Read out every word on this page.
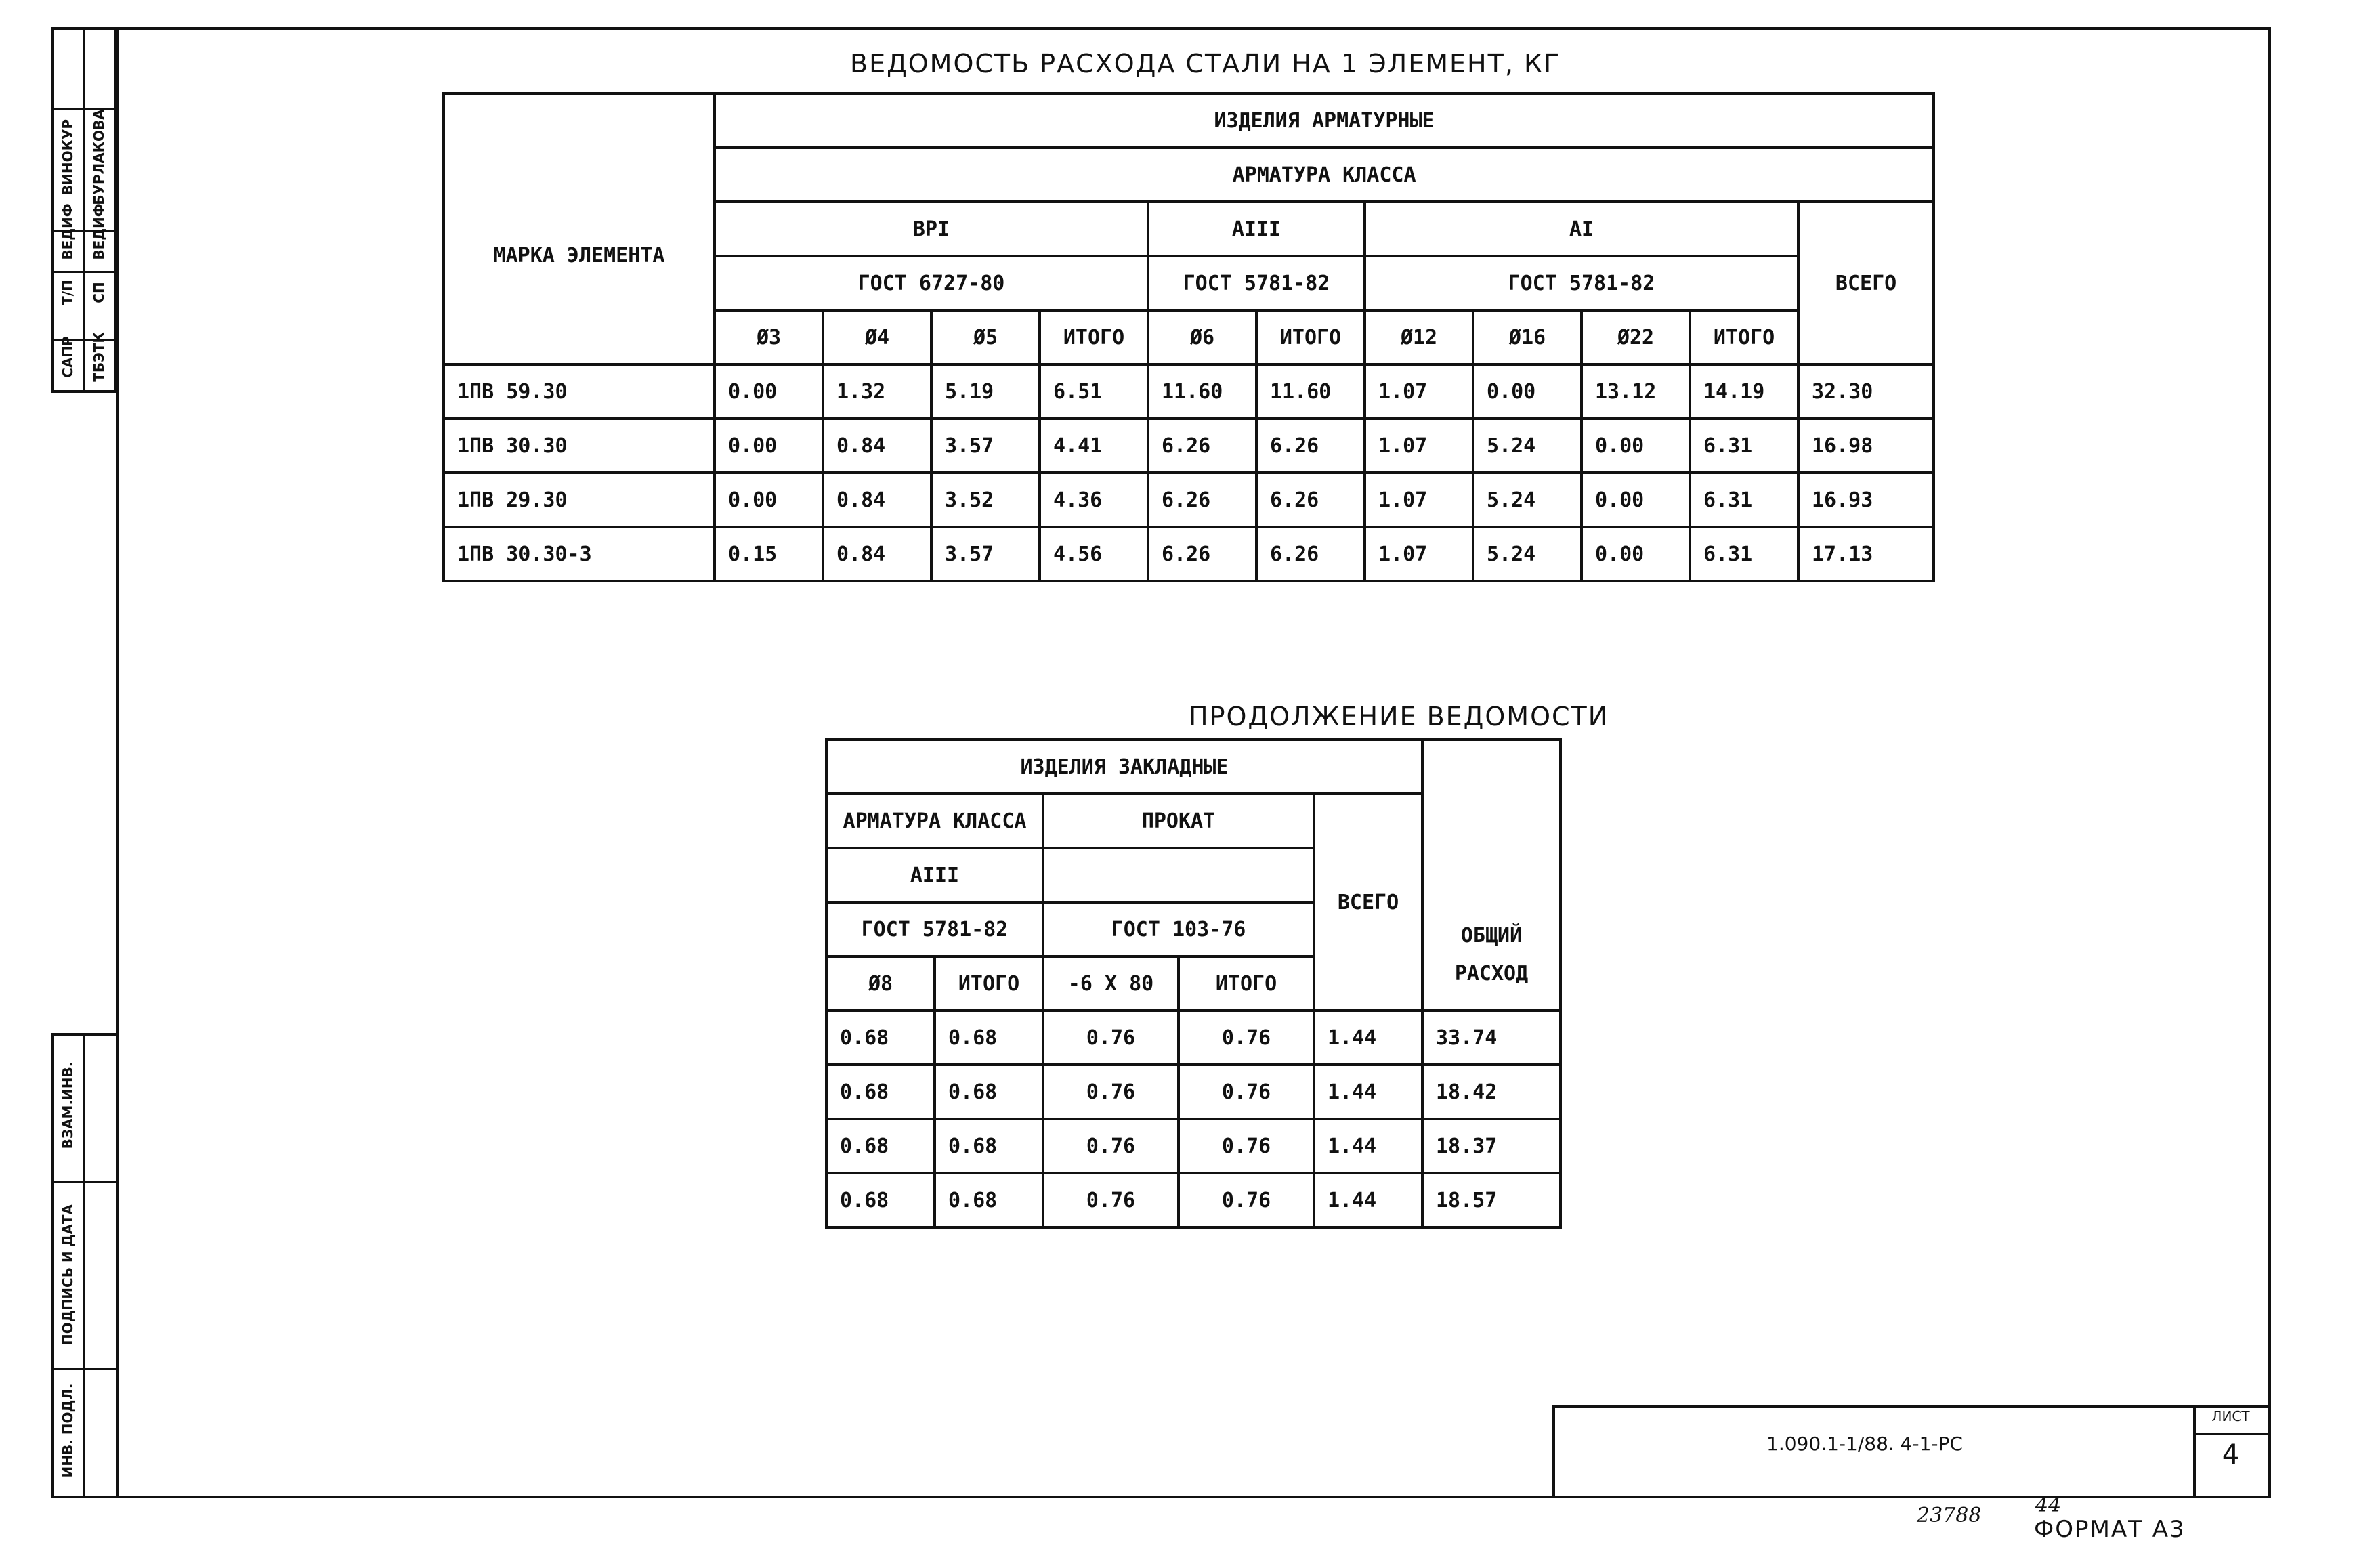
САПР
Т/П
ВЕДИФ
ВИНОКУР
ТБЭТК
СП
ВЕДИФ
БУРЛАКОВА
ВЗАМ.ИНВ.
ПОДПИСЬ И ДАТА
ИНВ. ПОДЛ.
ВЕДОМОСТЬ РАСХОДА СТАЛИ НА 1 ЭЛЕМЕНТ, КГ
	ИЗДЕЛИЯ АРМАТУРНЫЕ										
МАРКА ЭЛЕМЕНТА	АРМАТУРА КЛАССА										
	ВРI				АIII		АI				ВСЕГО
	ГОСТ 6727-80				ГОСТ 5781-82		ГОСТ 5781-82				
	Ø3	Ø4	Ø5	ИТОГО	Ø6	ИТОГО	Ø12	Ø16	Ø22	ИТОГО	
1ПВ 59.30	0.00	1.32	5.19	6.51	11.60	11.60	1.07	0.00	13.12	14.19	32.30
1ПВ 30.30	0.00	0.84	3.57	4.41	6.26	6.26	1.07	5.24	0.00	6.31	16.98
1ПВ 29.30	0.00	0.84	3.52	4.36	6.26	6.26	1.07	5.24	0.00	6.31	16.93
1ПВ 30.30-3	0.15	0.84	3.57	4.56	6.26	6.26	1.07	5.24	0.00	6.31	17.13
ПРОДОЛЖЕНИЕ ВЕДОМОСТИ
ИЗДЕЛИЯ ЗАКЛАДНЫЕ					ОБЩИЙ
РАСХОД

АРМАТУРА КЛАССА		ПРОКАТ		ВСЕГО	
АIII					
ГОСТ 5781-82		ГОСТ 103-76			
Ø8	ИТОГО	-6 X 80	ИТОГО		
0.68	0.68	0.76	0.76	1.44	33.74
0.68	0.68	0.76	0.76	1.44	18.42
0.68	0.68	0.76	0.76	1.44	18.37
0.68	0.68	0.76	0.76	1.44	18.57
1.090.1-1/88. 4-1-РС
ЛИСТ
4
23788	44
ФОРМАТ А3
